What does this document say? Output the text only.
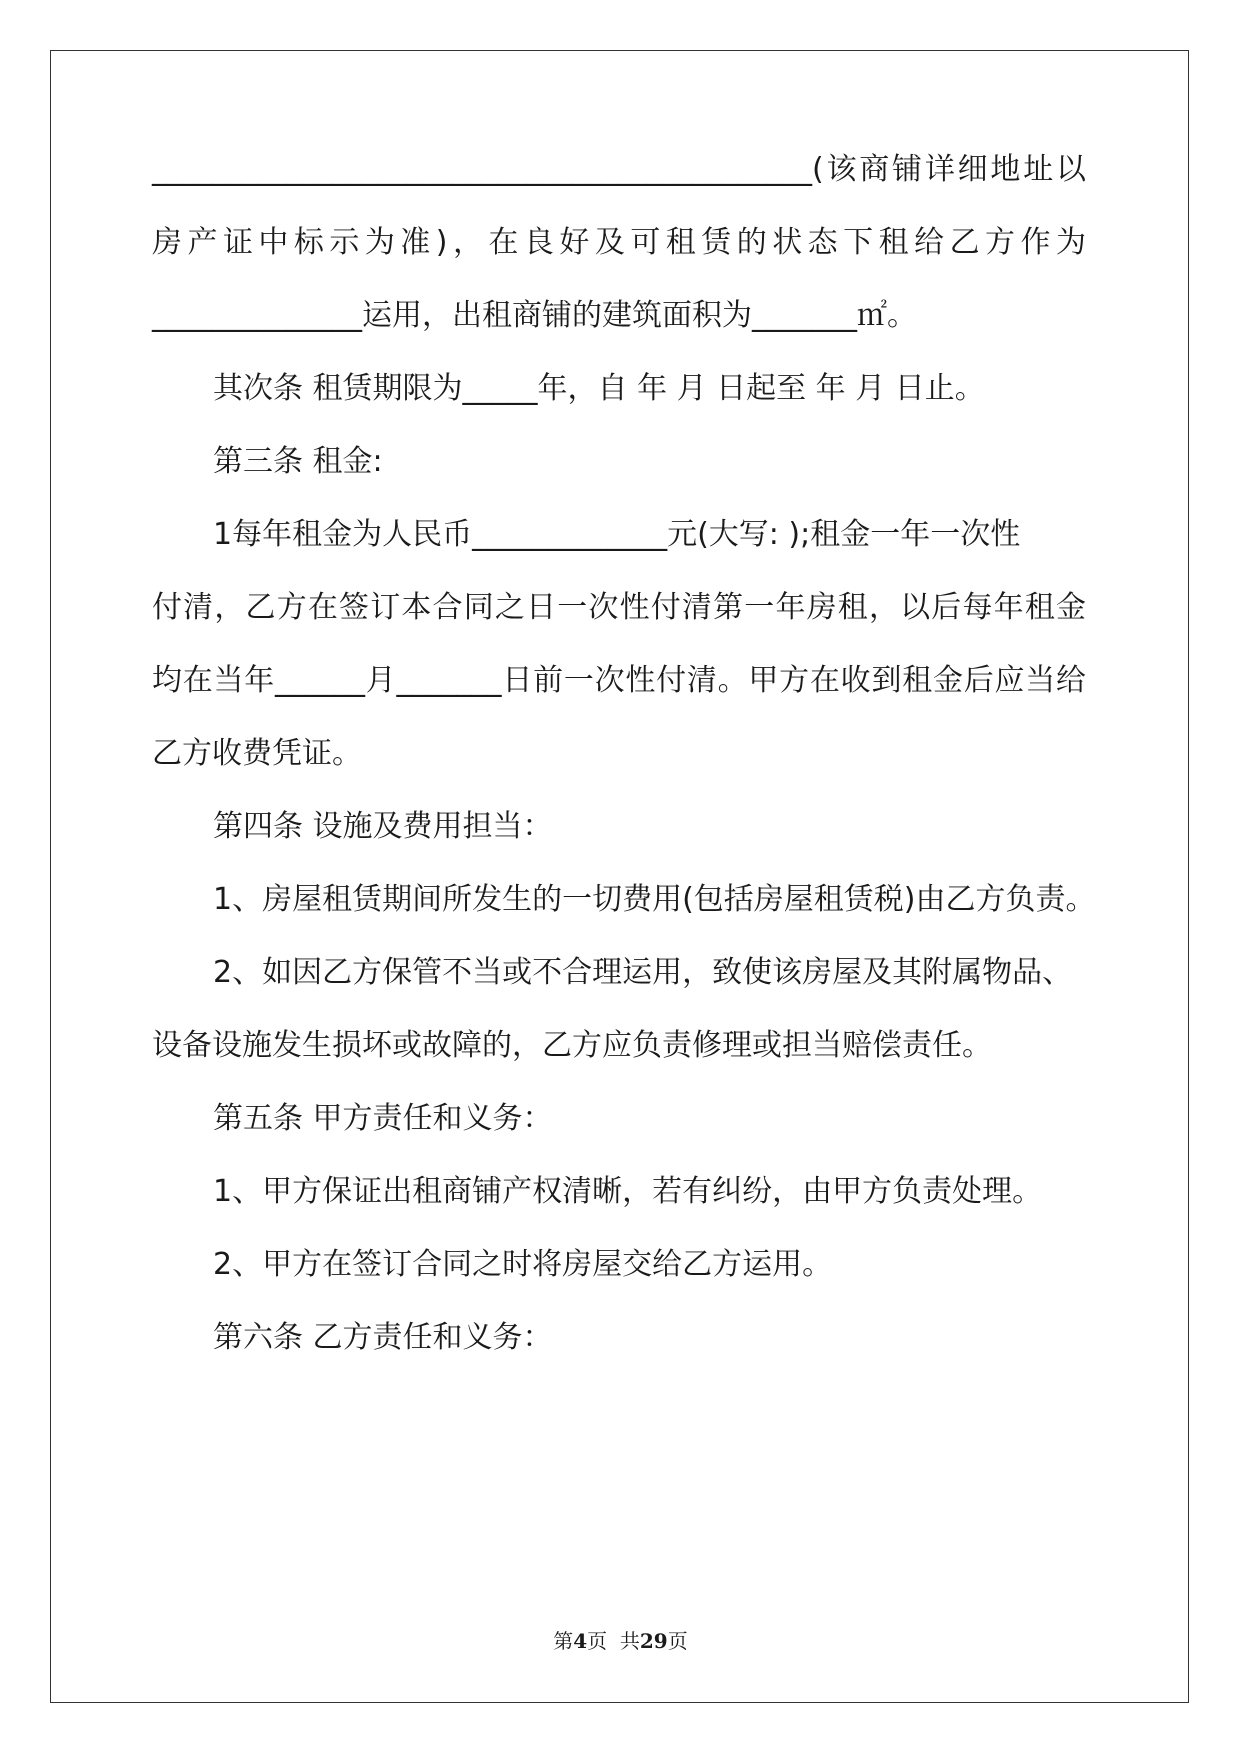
____________________________________________(该商铺详细地址以
房产证中标示为准)，在良好及可租赁的状态下租给乙方作为
______________运用，出租商铺的建筑面积为_______㎡。
其次条 租赁期限为_____年，自 年 月 日起至 年 月 日止。
第三条 租金:
1每年租金为人民币_____________元(大写: );租金一年一次性
付清，乙方在签订本合同之日一次性付清第一年房租，以后每年租金
均在当年______月_______日前一次性付清。甲方在收到租金后应当给
乙方收费凭证。
第四条 设施及费用担当：
1、房屋租赁期间所发生的一切费用(包括房屋租赁税)由乙方负责。
2、如因乙方保管不当或不合理运用，致使该房屋及其附属物品、
设备设施发生损坏或故障的，乙方应负责修理或担当赔偿责任。
第五条 甲方责任和义务：
1、甲方保证出租商铺产权清晰，若有纠纷，由甲方负责处理。
2、甲方在签订合同之时将房屋交给乙方运用。
第六条 乙方责任和义务：
第4页  共29页
